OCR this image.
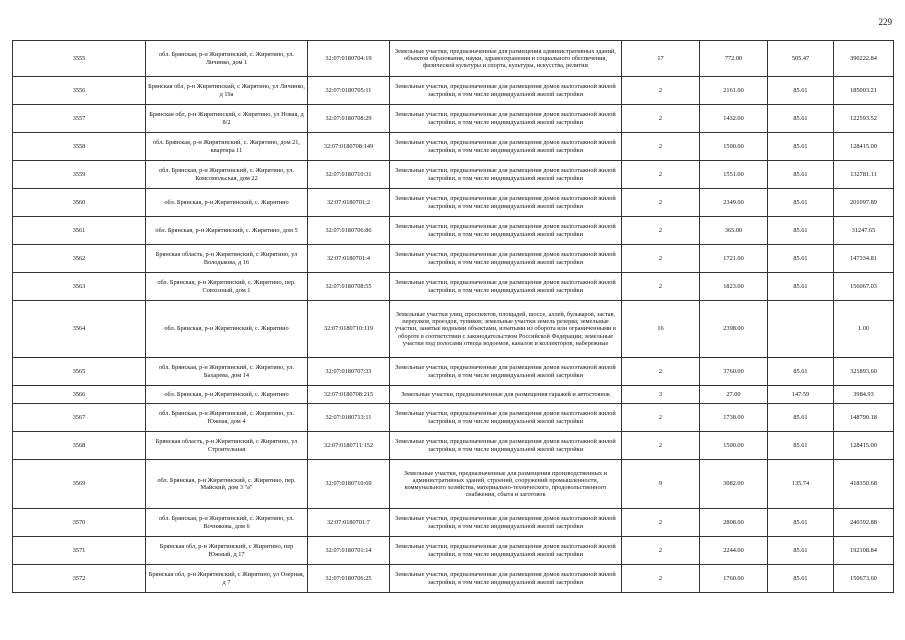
229
3555	обл. Брянская, р-н Жирятинский, с. Жирятино, ул. Личинко, дом 1	32:07:0180704:19	Земельные участки, предназначенные для размещения административных зданий, объектов образования, науки, здравоохранения и социального обеспечения, физической культуры и спорта, культуры, искусства, религии	17	772.00	505.47	390222.84
3556	Брянская обл, р-н Жирятинский, с Жирятино, ул Личинко, д 19а	32:07:0180705:11	Земельные участки, предназначенные для размещения домов малоэтажной жилой застройки, в том числе индивидуальной жилой застройки	2	2161.00	85.61	185003.21
3557	Брянская обл, р-н Жирятинский, с Жирятино, ул Новая, д 8/2	32:07:0180708:29	Земельные участки, предназначенные для размещения домов малоэтажной жилой застройки, в том числе индивидуальной жилой застройки	2	1432.00	85.61	122593.52
3558	обл. Брянская, р-н Жирятинский, с. Жирятино, дом 21, квартира 11	32:07:0180708:149	Земельные участки, предназначенные для размещения домов малоэтажной жилой застройки, в том числе индивидуальной жилой застройки	2	1500.00	85.61	128415.00
3559	обл. Брянская, р-н Жирятинский, с. Жирятино, ул. Комсомольская, дом 22	32:07:0180710:31	Земельные участки, предназначенные для размещения домов малоэтажной жилой застройки, в том числе индивидуальной жилой застройки	2	1551.00	85.61	132781.11
3560	обл. Брянская, р-н Жирятинский, с. Жирятино	32:07:0180701:2	Земельные участки, предназначенные для размещения домов малоэтажной жилой застройки, в том числе индивидуальной жилой застройки	2	2349.00	85.61	201097.89
3561	обл. Брянская, р-н Жирятинский, с. Жирятино, дом 5	32:07:0180706:86	Земельные участки, предназначенные для размещения домов малоэтажной жилой застройки, в том числе индивидуальной жилой застройки	2	365.00	85.61	31247.65
3562	Брянская область, р-н Жирятинский, с Жирятино, ул Володькова, д 16	32:07:0180701:4	Земельные участки, предназначенные для размещения домов малоэтажной жилой застройки, в том числе индивидуальной жилой застройки	2	1721.00	85.61	147334.81
3563	обл. Брянская, р-н Жирятинский, с. Жирятино, пер. Совхозный, дом 1	32:07:0180708:55	Земельные участки, предназначенные для размещения домов малоэтажной жилой застройки, в том числе индивидуальной жилой застройки	2	1823.00	85.61	156067.03
3564	обл. Брянская, р-н Жирятинский, с. Жирятино	32:07:0180710:119	Земельные участки улиц, проспектов, площадей, шоссе, аллей, бульваров, застав, переулков, проездов, тупиков; земельные участки земель резерва; земельные участки, занятые водными объектами, изъятыми из оборота или ограниченными в обороте в соответствии с законодательством Российской Федерации; земельные участки под полосами отвода водоемов, каналов и коллекторов, набережные	16	2398.00		1.00
3565	обл. Брянская, р-н Жирятинский, с. Жирятино, ул. Бахарева, дом 14	32:07:0180707:33	Земельные участки, предназначенные для размещения домов малоэтажной жилой застройки, в том числе индивидуальной жилой застройки	2	3760.00	85.61	321893.60
3566	обл. Брянская, р-н Жирятинский, с. Жирятино	32:07:0180708:215	Земельные участки, предназначенные для размещения гаражей и автостоянок	3	27.00	147.59	3984.93
3567	обл. Брянская, р-н Жирятинский, с. Жирятино, ул. Южная, дом 4	32:07:0180713:11	Земельные участки, предназначенные для размещения домов малоэтажной жилой застройки, в том числе индивидуальной жилой застройки	2	1738.00	85.61	148790.18
3568	Брянская область, р-н Жирятинский, с Жирятино, ул Строительная	32:07:0180711:152	Земельные участки, предназначенные для размещения домов малоэтажной жилой застройки, в том числе индивидуальной жилой застройки	2	1500.00	85.61	128415.00
3569	обл. Брянская, р-н Жирятинский, с. Жирятино, пер. Майский, дом 3 "а"	32:07:0180710:69	Земельные участки, предназначенные для размещения производственных и административных зданий, строений, сооружений промышленности, коммунального хозяйства, материально-технического, продовольственного снабжения, сбыта и заготовок	9	3082.00	135.74	418350.68
3570	обл. Брянская, р-н Жирятинский, с. Жирятино, ул. Вочнякова, дом 6	32:07:0180701:7	Земельные участки, предназначенные для размещения домов малоэтажной жилой застройки, в том числе индивидуальной жилой застройки	2	2808.00	85.61	240392.88
3571	Брянская обл, р-н Жирятинский, с Жирятино, пер Южный, д 17	32:07:0180701:14	Земельные участки, предназначенные для размещения домов малоэтажной жилой застройки, в том числе индивидуальной жилой застройки	2	2244.00	85.61	192108.84
3572	Брянская обл, р-н Жирятинский, с Жирятино, ул Озерная, д 7	32:07:0180706:25	Земельные участки, предназначенные для размещения домов малоэтажной жилой застройки, в том числе индивидуальной жилой застройки	2	1760.00	85.61	150673.60
